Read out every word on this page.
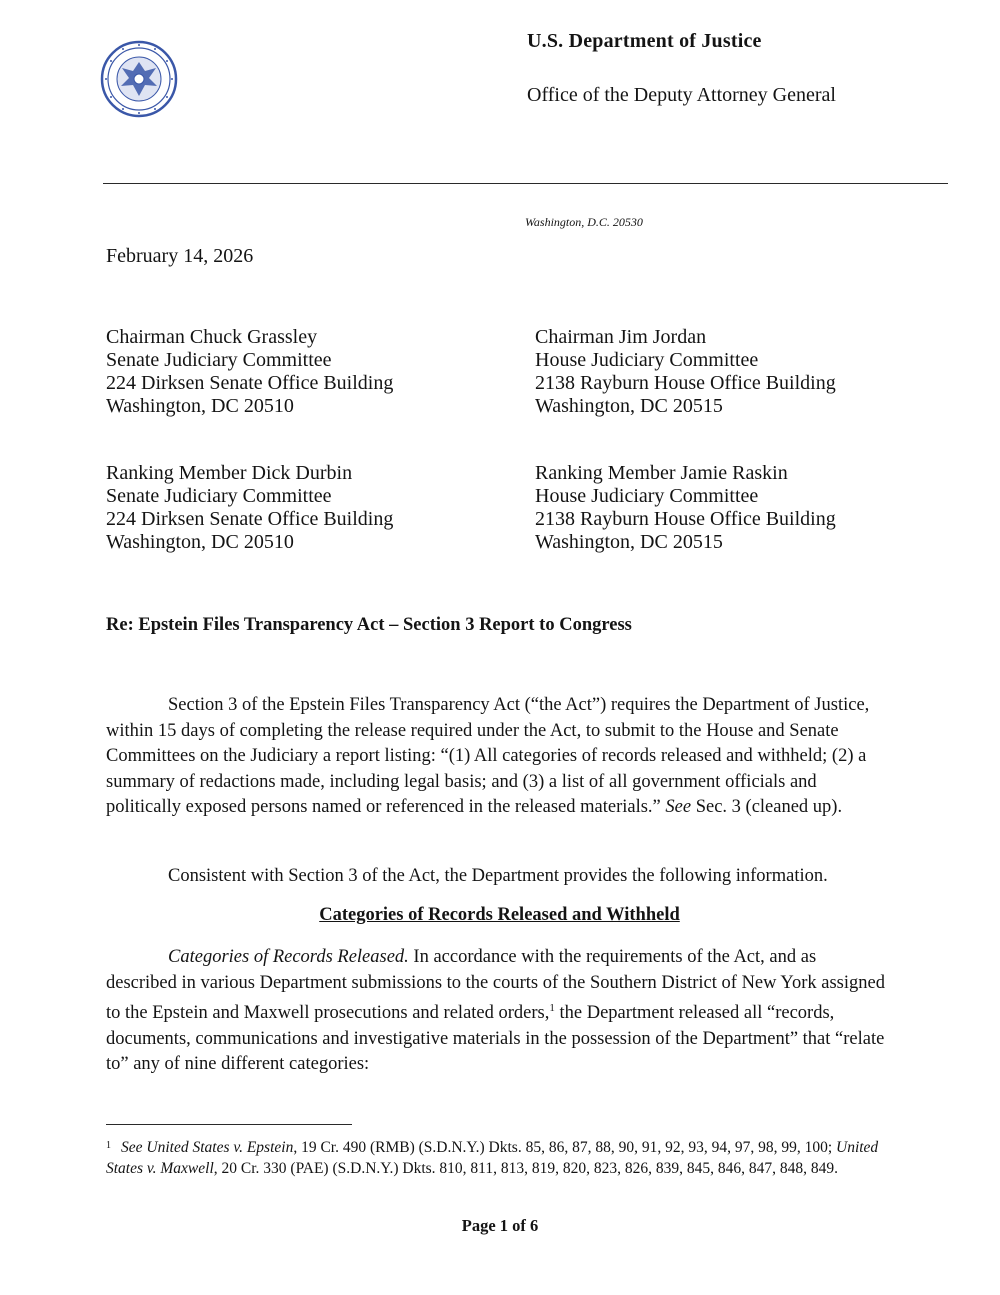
U.S. Department of Justice
Office of the Deputy Attorney General
Washington, D.C. 20530
February 14, 2026
Chairman Chuck Grassley
Senate Judiciary Committee
224 Dirksen Senate Office Building
Washington, DC 20510
Chairman Jim Jordan
House Judiciary Committee
2138 Rayburn House Office Building
Washington, DC 20515
Ranking Member Dick Durbin
Senate Judiciary Committee
224 Dirksen Senate Office Building
Washington, DC 20510
Ranking Member Jamie Raskin
House Judiciary Committee
2138 Rayburn House Office Building
Washington, DC 20515
Re: Epstein Files Transparency Act – Section 3 Report to Congress

Section 3 of the Epstein Files Transparency Act (“the Act”) requires the Department of Justice, within 15 days of completing the release required under the Act, to submit to the House and Senate Committees on the Judiciary a report listing: “(1) All categories of records released and withheld; (2) a summary of redactions made, including legal basis; and (3) a list of all government officials and politically exposed persons named or referenced in the released materials.” See Sec. 3 (cleaned up).

Consistent with Section 3 of the Act, the Department provides the following information.

Categories of Records Released and Withheld

Categories of Records Released. In accordance with the requirements of the Act, and as described in various Department submissions to the courts of the Southern District of New York assigned to the Epstein and Maxwell prosecutions and related orders,$^1$ the Department released all “records, documents, communications and investigative materials in the possession of the Department” that “relate to” any of nine different categories:

$^1$ See United States v. Epstein, 19 Cr. 490 (RMB) (S.D.N.Y.) Dkts. 85, 86, 87, 88, 90, 91, 92, 93, 94, 97, 98, 99, 100; United States v. Maxwell, 20 Cr. 330 (PAE) (S.D.N.Y.) Dkts. 810, 811, 813, 819, 820, 823, 826, 839, 845, 846, 847, 848, 849.
Page 1 of 6
